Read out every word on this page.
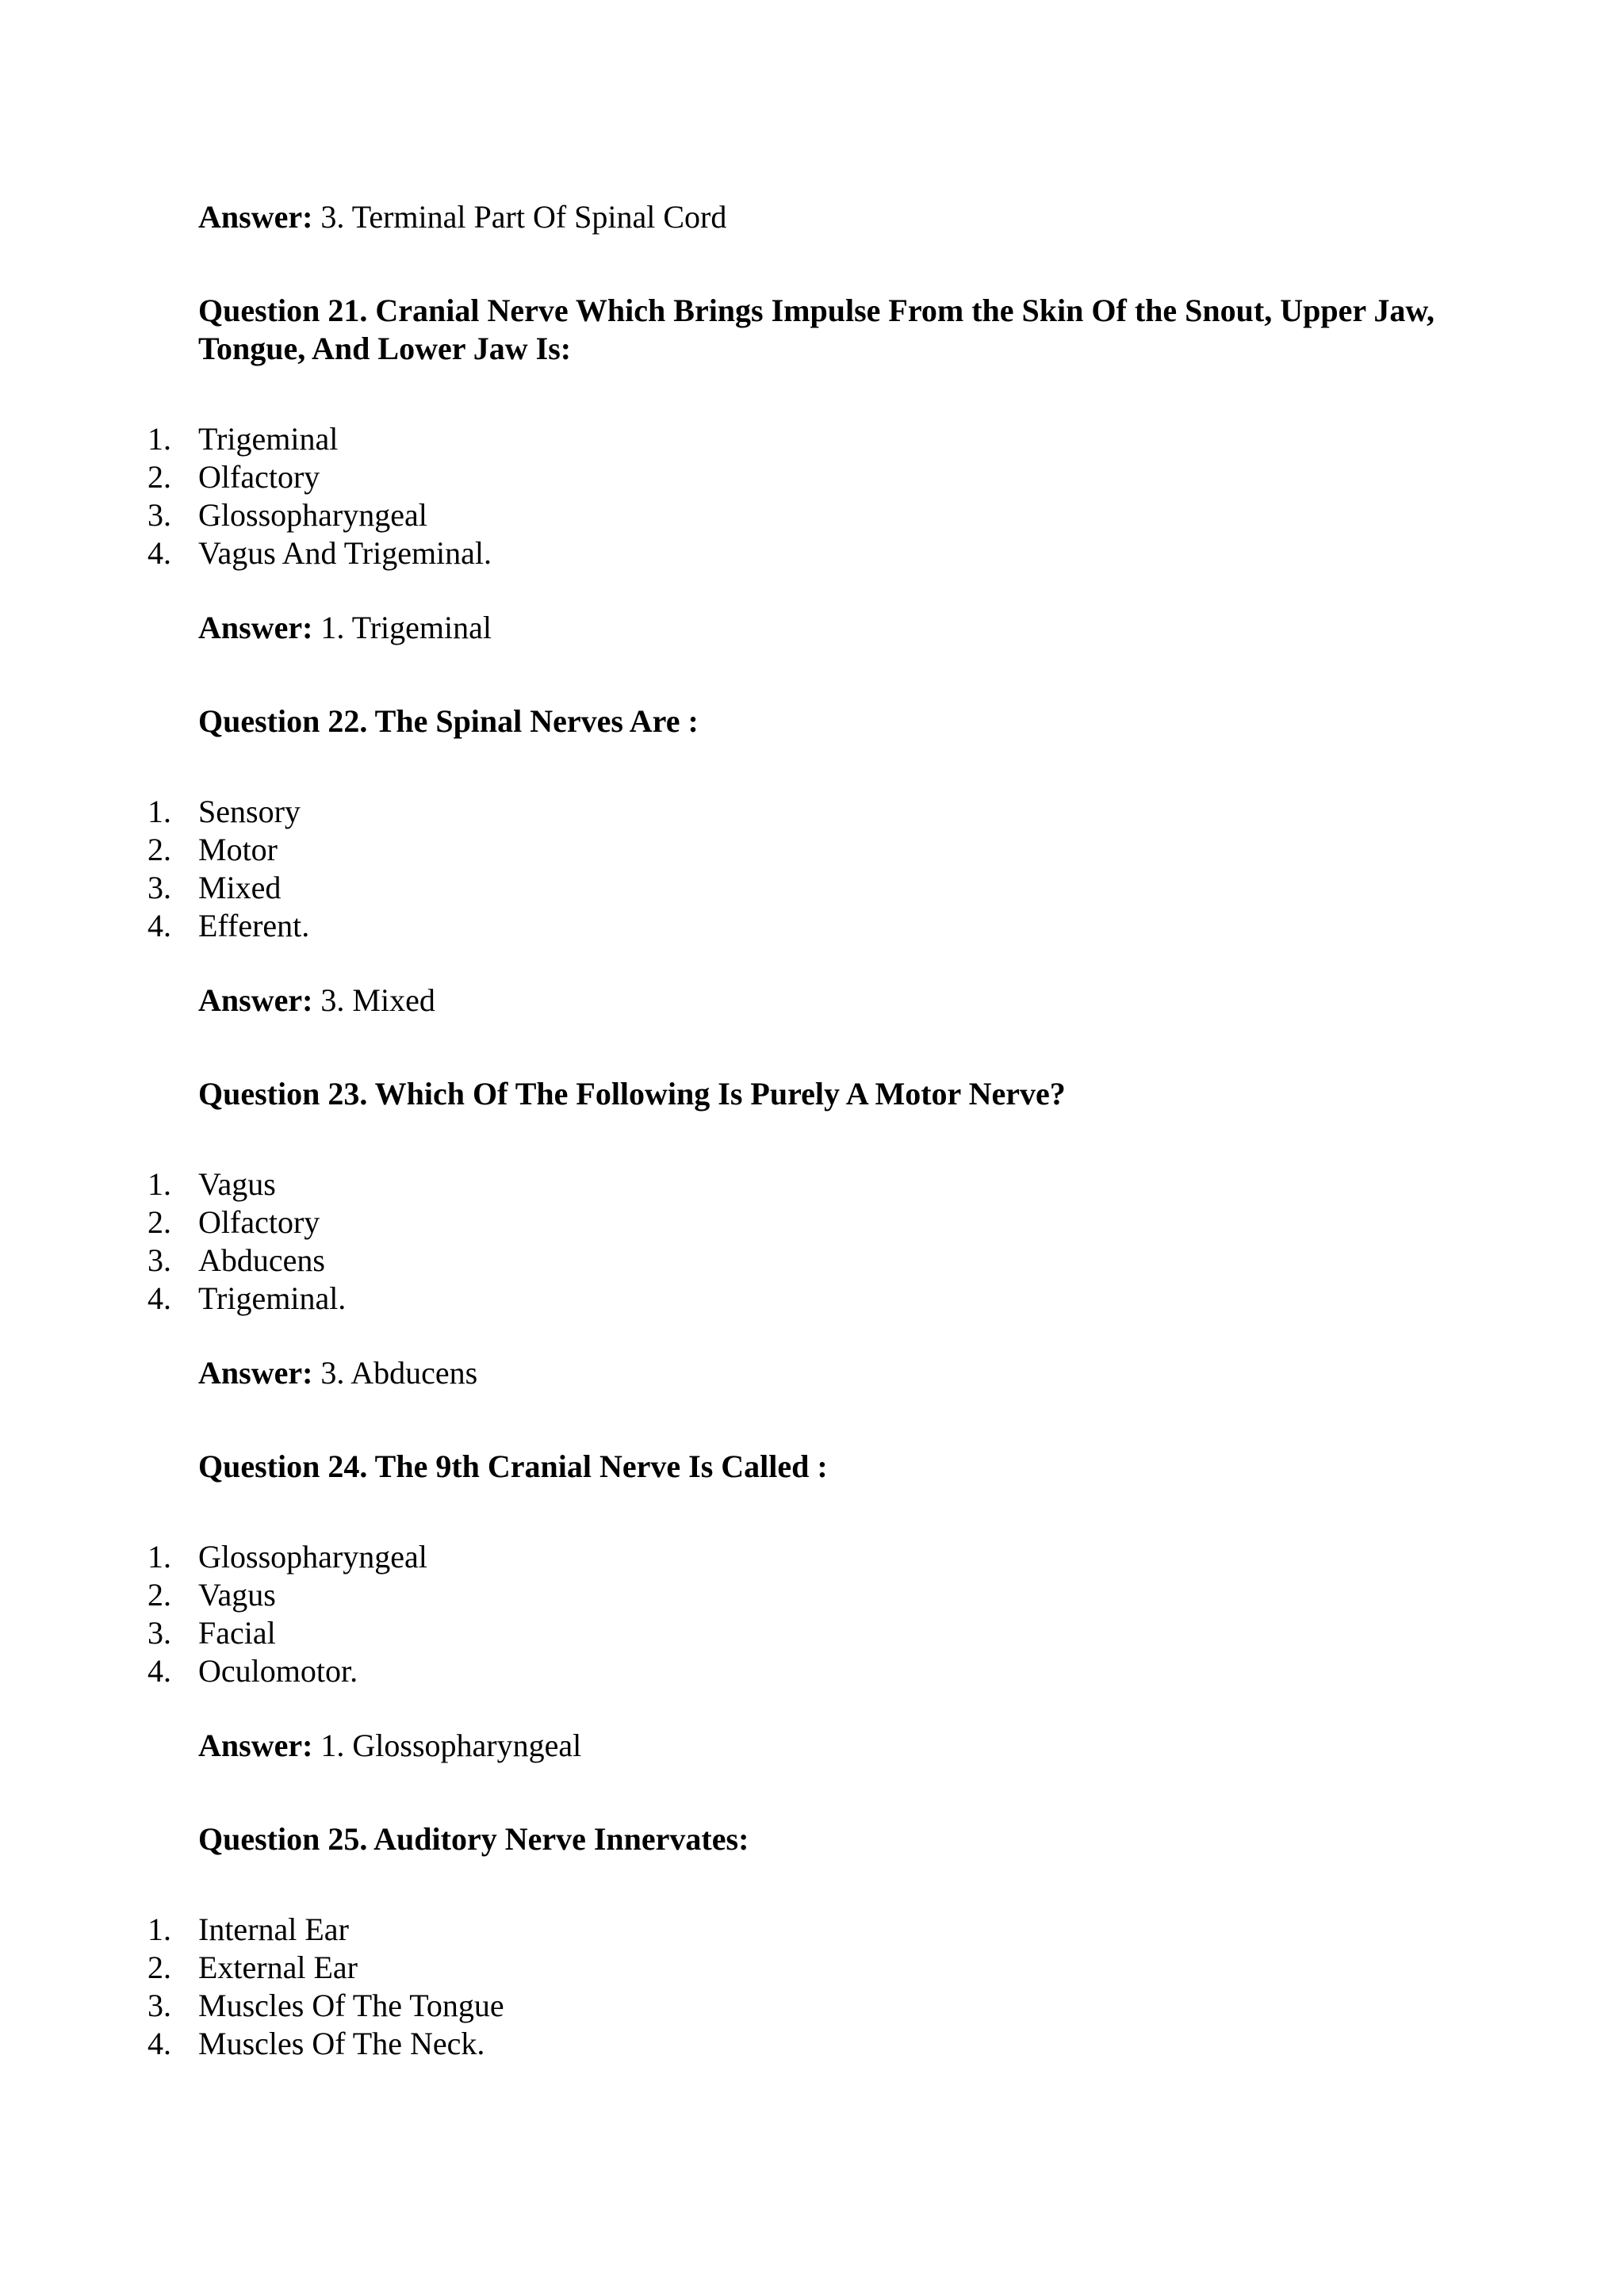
Answer: 3. Terminal Part Of Spinal Cord
Question 21. Cranial Nerve Which Brings Impulse From the Skin Of the Snout, Upper Jaw, Tongue, And Lower Jaw Is:
1. Trigeminal
2. Olfactory
3. Glossopharyngeal
4. Vagus And Trigeminal.
Answer: 1. Trigeminal
Question 22. The Spinal Nerves Are :
1. Sensory
2. Motor
3. Mixed
4. Efferent.
Answer: 3. Mixed
Question 23. Which Of The Following Is Purely A Motor Nerve?
1. Vagus
2. Olfactory
3. Abducens
4. Trigeminal.
Answer: 3. Abducens
Question 24. The 9th Cranial Nerve Is Called :
1. Glossopharyngeal
2. Vagus
3. Facial
4. Oculomotor.
Answer: 1. Glossopharyngeal
Question 25. Auditory Nerve Innervates:
1. Internal Ear
2. External Ear
3. Muscles Of The Tongue
4. Muscles Of The Neck.
